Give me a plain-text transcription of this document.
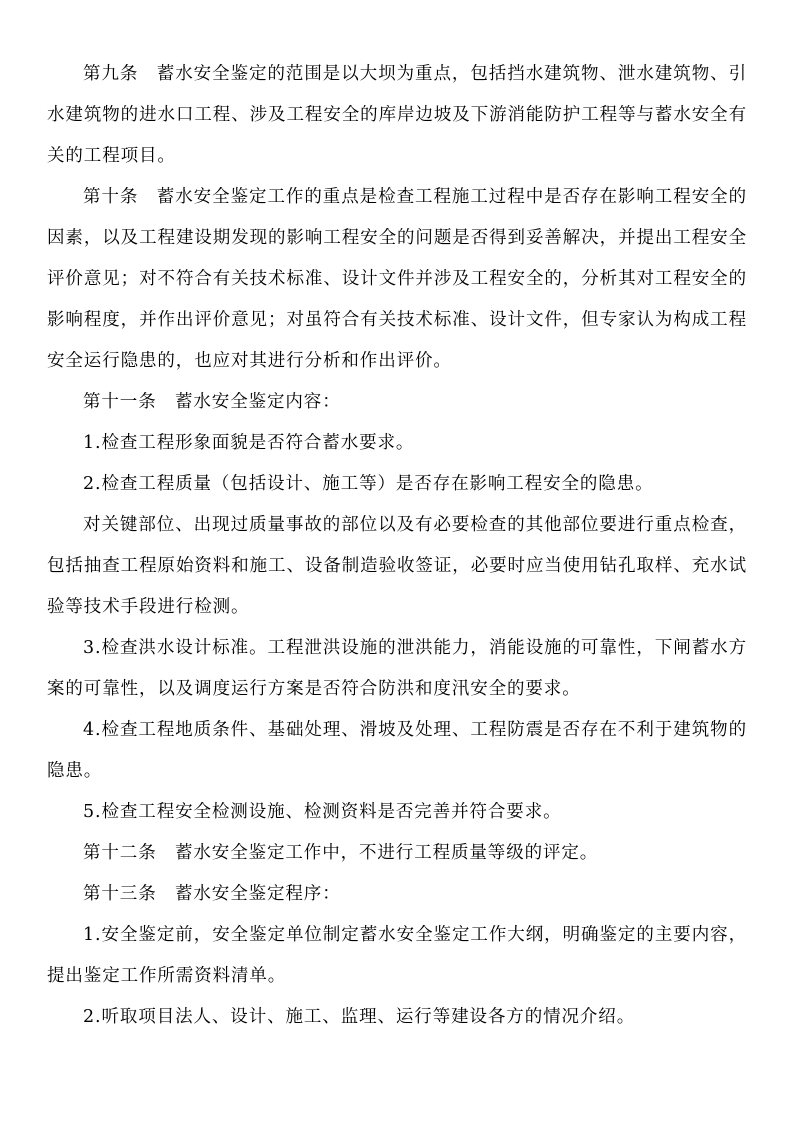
第九条　蓄水安全鉴定的范围是以大坝为重点，包括挡水建筑物、泄水建筑物、引水建筑物的进水口工程、涉及工程安全的库岸边坡及下游消能防护工程等与蓄水安全有关的工程项目。

第十条　蓄水安全鉴定工作的重点是检查工程施工过程中是否存在影响工程安全的因素，以及工程建设期发现的影响工程安全的问题是否得到妥善解决，并提出工程安全评价意见；对不符合有关技术标准、设计文件并涉及工程安全的，分析其对工程安全的影响程度，并作出评价意见；对虽符合有关技术标准、设计文件，但专家认为构成工程安全运行隐患的，也应对其进行分析和作出评价。

第十一条　蓄水安全鉴定内容：

1.检查工程形象面貌是否符合蓄水要求。

2.检查工程质量（包括设计、施工等）是否存在影响工程安全的隐患。

对关键部位、出现过质量事故的部位以及有必要检查的其他部位要进行重点检查，包括抽查工程原始资料和施工、设备制造验收签证，必要时应当使用钻孔取样、充水试验等技术手段进行检测。

3.检查洪水设计标准。工程泄洪设施的泄洪能力，消能设施的可靠性，下闸蓄水方案的可靠性，以及调度运行方案是否符合防洪和度汛安全的要求。

4.检查工程地质条件、基础处理、滑坡及处理、工程防震是否存在不利于建筑物的隐患。

5.检查工程安全检测设施、检测资料是否完善并符合要求。

第十二条　蓄水安全鉴定工作中，不进行工程质量等级的评定。

第十三条　蓄水安全鉴定程序：

1.安全鉴定前，安全鉴定单位制定蓄水安全鉴定工作大纲，明确鉴定的主要内容，提出鉴定工作所需资料清单。

2.听取项目法人、设计、施工、监理、运行等建设各方的情况介绍。
